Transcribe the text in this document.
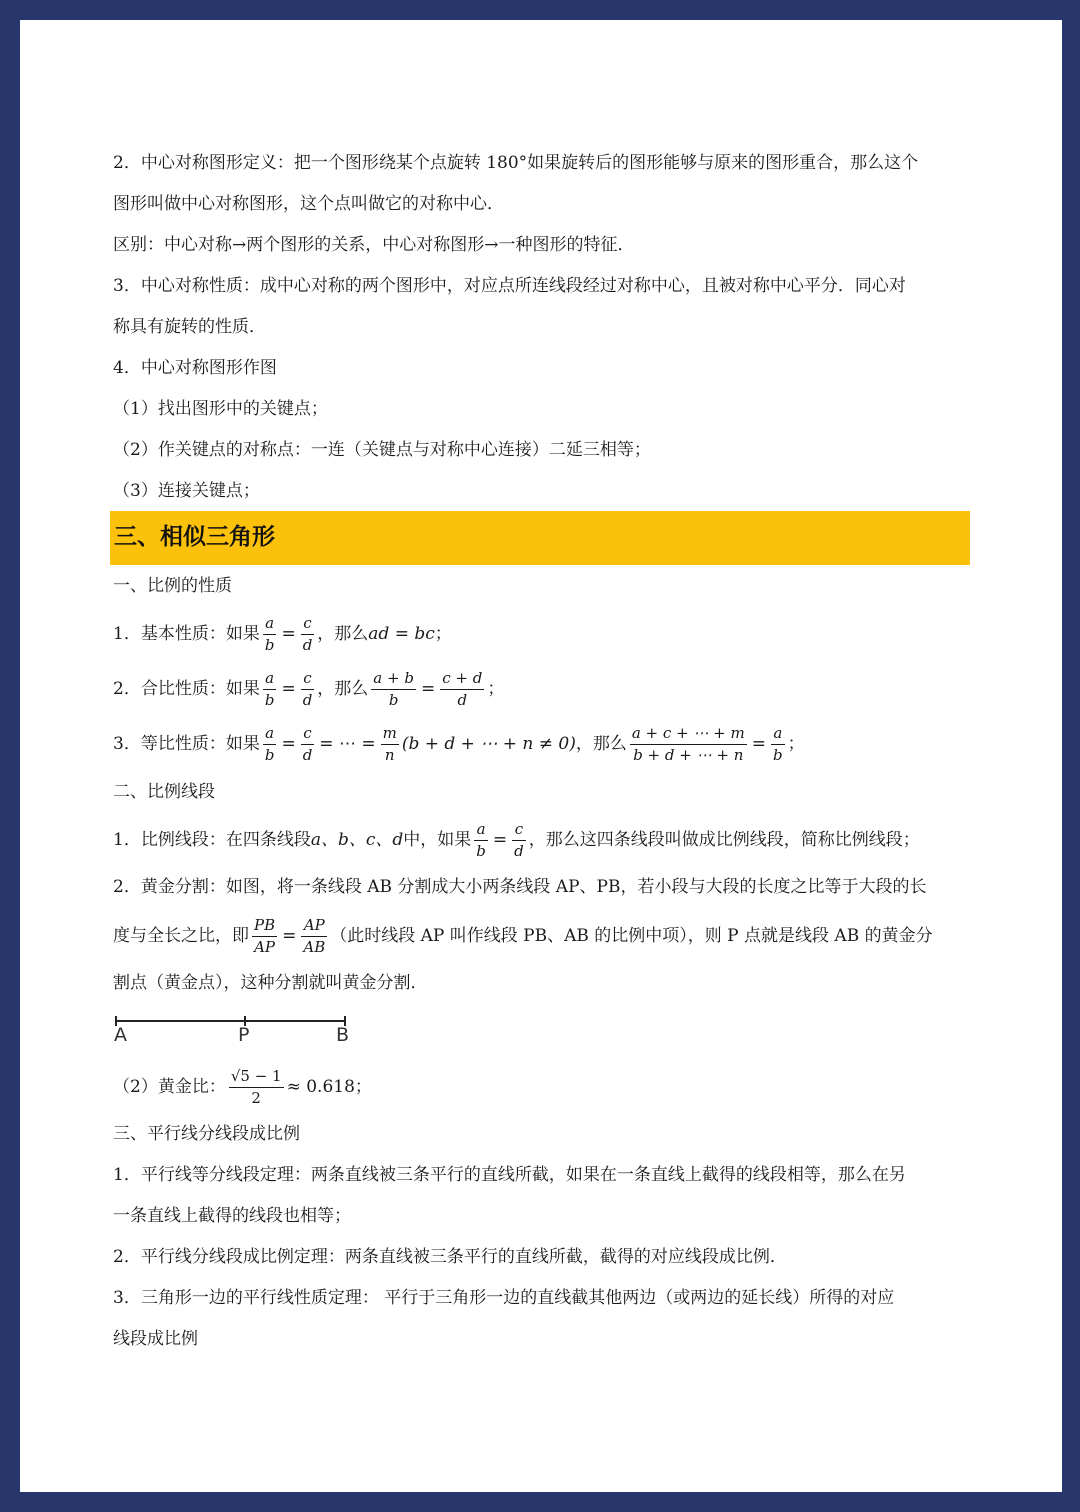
2．中心对称图形定义：把一个图形绕某个点旋转 180°如果旋转后的图形能够与原来的图形重合，那么这个
图形叫做中心对称图形，这个点叫做它的对称中心．
区别：中心对称→两个图形的关系，中心对称图形→一种图形的特征．
3．中心对称性质：成中心对称的两个图形中，对应点所连线段经过对称中心，且被对称中心平分．同心对
称具有旋转的性质．
4．中心对称图形作图
（1）找出图形中的关键点；
（2）作关键点的对称点：一连（关键点与对称中心连接）二延三相等；
（3）连接关键点；
三、相似三角形
一、比例的性质
1．基本性质：如果 $\frac{a}{b} = \frac{c}{d}$ ，那么ad = bc；
2．合比性质：如果 $\frac{a}{b} = \frac{c}{d}$ ，那么 $\frac{a + b}{b} = \frac{c + d}{d}$ ；
3．等比性质：如果 $\frac{a}{b} = \frac{c}{d}$ = ⋯ = $\frac{m}{n} (b + d$ + ⋯ + n ≠ 0)，那么 $\frac{a + c + \cdots + m}{b + d + \cdots + n} = \frac{a}{b}$ ；
二、比例线段
1．比例线段：在四条线段a、b、c、d中，如果 $\frac{a}{b} = \frac{c}{d}$ ，那么这四条线段叫做成比例线段，简称比例线段；
2．黄金分割：如图，将一条线段 AB 分割成大小两条线段 AP、PB，若小段与大段的长度之比等于大段的长
度与全长之比，即 $\frac{PB}{AP} = \frac{AP}{AB}$ （此时线段 AP 叫作线段 PB、AB 的比例中项），则 P 点就是线段 AB 的黄金分
割点（黄金点），这种分割就叫黄金分割．
A	P	B
（2）黄金比： $\frac{√5 - 1}{2} \approx 0.618$；
三、平行线分线段成比例
1．平行线等分线段定理：两条直线被三条平行的直线所截，如果在一条直线上截得的线段相等，那么在另
一条直线上截得的线段也相等；
2．平行线分线段成比例定理：两条直线被三条平行的直线所截，截得的对应线段成比例．
3．三角形一边的平行线性质定理： 平行于三角形一边的直线截其他两边（或两边的延长线）所得的对应
线段成比例
